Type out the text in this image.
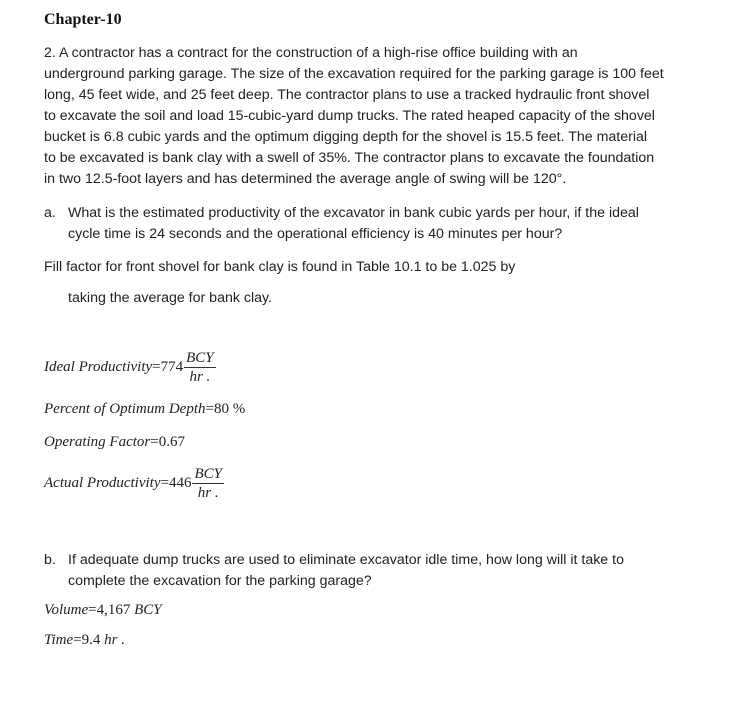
Chapter-10
2. A contractor has a contract for the construction of a high-rise office building with an
underground parking garage. The size of the excavation required for the parking garage is 100 feet
long, 45 feet wide, and 25 feet deep. The contractor plans to use a tracked hydraulic front shovel
to excavate the soil and load 15-cubic-yard dump trucks. The rated heaped capacity of the shovel
bucket is 6.8 cubic yards and the optimum digging depth for the shovel is 15.5 feet. The material
to be excavated is bank clay with a swell of 35%. The contractor plans to excavate the foundation
in two 12.5-foot layers and has determined the average angle of swing will be 120°.
a. What is the estimated productivity of the excavator in bank cubic yards per hour, if the ideal
cycle time is 24 seconds and the operational efficiency is 40 minutes per hour?
Fill factor for front shovel for bank clay is found in Table 10.1 to be 1.025 by
taking the average for bank clay.
Ideal Productivity=774 $\frac{\text{BCY}}{hr .}$
Percent of Optimum Depth=80 %
Operating Factor=0.67
Actual Productivity=446 $\frac{\text{BCY}}{hr .}$
b. If adequate dump trucks are used to eliminate excavator idle time, how long will it take to
complete the excavation for the parking garage?
Volume=4,167 BCY
Time=9.4 hr .
